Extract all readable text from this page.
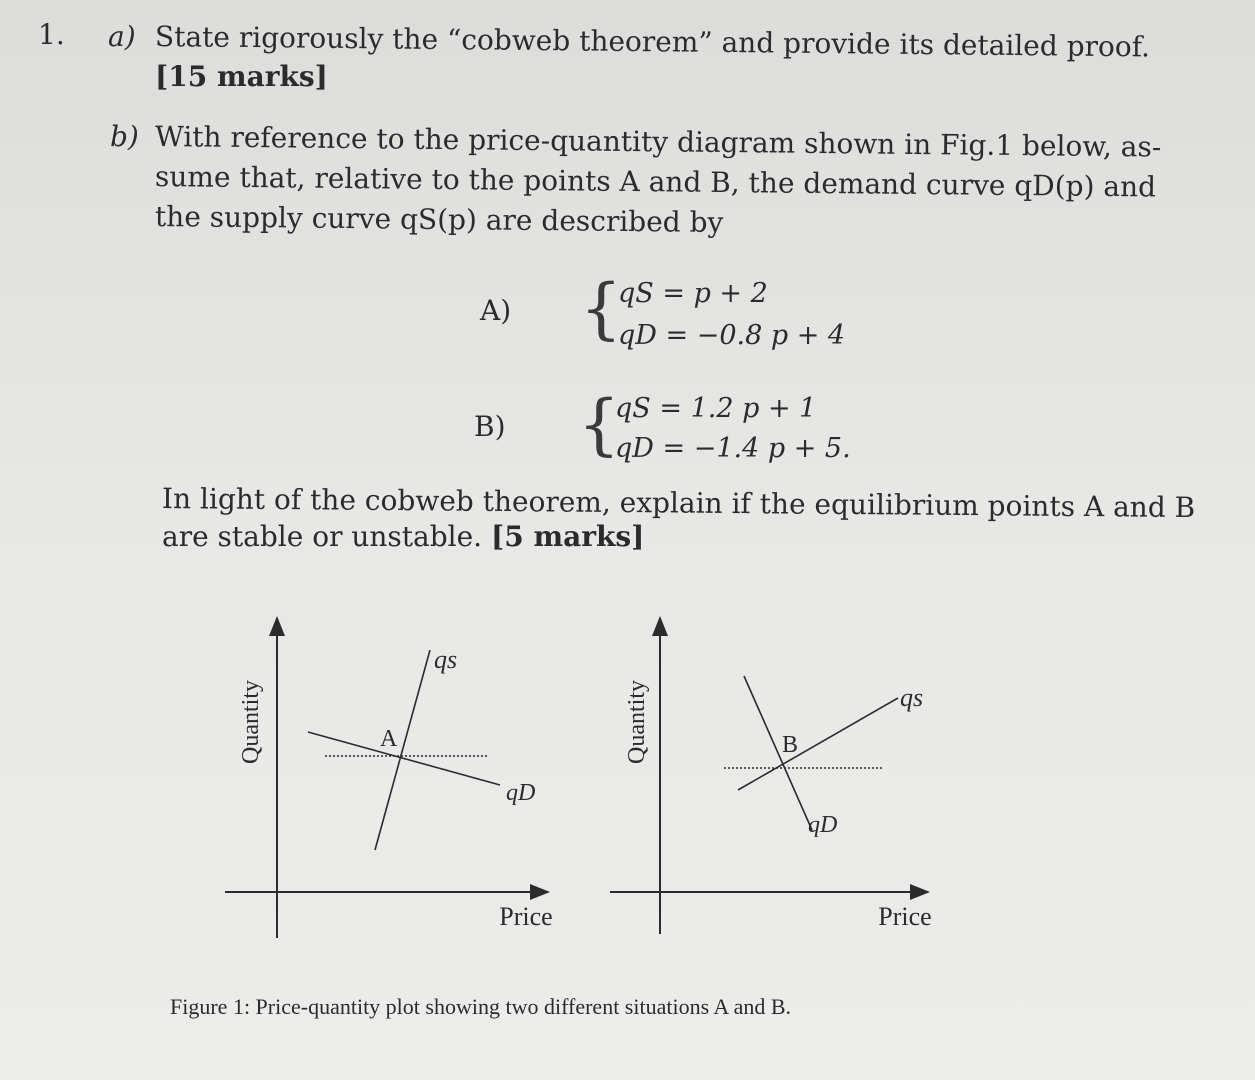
1. a) State rigorously the “cobweb theorem” and provide its detailed proof.
[15 marks]
b) With reference to the price-quantity diagram shown in Fig.1 below, as-
sume that, relative to the points A and B, the demand curve qD(p) and
the supply curve qS(p) are described by
A) {
qS = p + 2
qD = −0.8 p + 4
B) {
qS = 1.2 p + 1
qD = −1.4 p + 5.
In light of the cobweb theorem, explain if the equilibrium points A and B
are stable or unstable. [5 marks]
Quantity
Price
A
qs
qD
Quantity
Price
B
qs
qD
Figure 1: Price-quantity plot showing two different situations A and B.
